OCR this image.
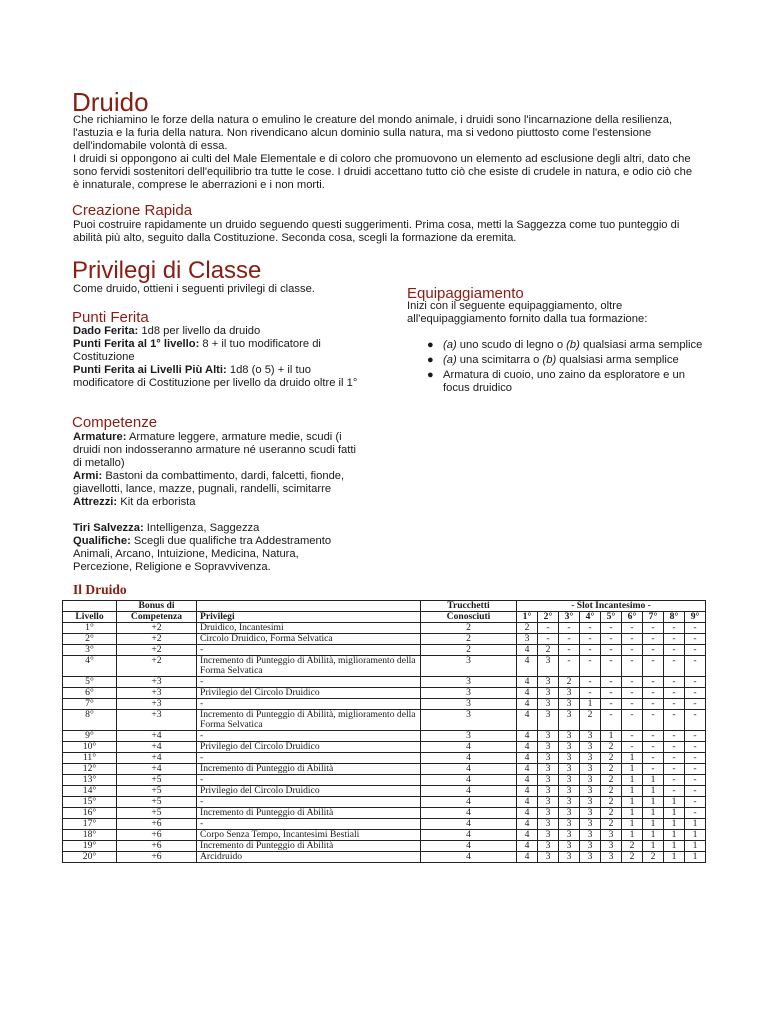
Druido

Che richiamino le forze della natura o emulino le creature del mondo animale, i druidi sono l'incarnazione della resilienza, l'astuzia e la furia della natura. Non rivendicano alcun dominio sulla natura, ma si vedono piuttosto come l'estensione dell'indomabile volontà di essa.

I druidi si oppongono ai culti del Male Elementale e di coloro che promuovono un elemento ad esclusione degli altri, dato che sono fervidi sostenitori dell'equilibrio tra tutte le cose. I druidi accettano tutto ciò che esiste di crudele in natura, e odio ciò che è innaturale, comprese le aberrazioni e i non morti.

Creazione Rapida

Puoi costruire rapidamente un druido seguendo questi suggerimenti. Prima cosa, metti la Saggezza come tuo punteggio di abilità più alto, seguito dalla Costituzione. Seconda cosa, scegli la formazione da eremita.

Privilegi di Classe

Come druido, ottieni i seguenti privilegi di classe.

Punti Ferita
Dado Ferita: 1d8 per livello da druido
Punti Ferita al 1° livello: 8 + il tuo modificatore di Costituzione
Punti Ferita ai Livelli Più Alti: 1d8 (o 5) + il tuo modificatore di Costituzione per livello da druido oltre il 1°
Competenze
Armature: Armature leggere, armature medie, scudi (i druidi non indosseranno armature né useranno scudi fatti di metallo)
Armi: Bastoni da combattimento, dardi, falcetti, fionde, giavellotti, lance, mazze, pugnali, randelli, scimitarre
Attrezzi: Kit da erborista
Tiri Salvezza: Intelligenza, Saggezza
Qualifiche: Scegli due qualifiche tra Addestramento Animali, Arcano, Intuizione, Medicina, Natura, Percezione, Religione e Sopravvivenza.
Equipaggiamento

Inizi con il seguente equipaggiamento, oltre all'equipaggiamento fornito dalla tua formazione:

● (a) uno scudo di legno o (b) qualsiasi arma semplice
● (a) una scimitarra o (b) qualsiasi arma semplice
● Armatura di cuoio, uno zaino da esploratore e un focus druidico
Il Druido
	Bonus di		Trucchetti	- Slot Incantesimo -								
Livello	Competenza	Privilegi	Conosciuti	1°	2°	3°	4°	5°	6°	7°	8°	9°
1°	+2	Druidico, Incantesimi	2	2	-	-	-	-	-	-	-	-
2°	+2	Circolo Druidico, Forma Selvatica	2	3	-	-	-	-	-	-	-	-
3°	+2	-	2	4	2	-	-	-	-	-	-	-
4°	+2	Incremento di Punteggio di Abilità, miglioramento della Forma Selvatica	3	4	3	-	-	-	-	-	-	-
5°	+3	-	3	4	3	2	-	-	-	-	-	-
6°	+3	Privilegio del Circolo Druidico	3	4	3	3	-	-	-	-	-	-
7°	+3	-	3	4	3	3	1	-	-	-	-	-
8°	+3	Incremento di Punteggio di Abilità, miglioramento della Forma Selvatica	3	4	3	3	2	-	-	-	-	-
9°	+4	-	3	4	3	3	3	1	-	-	-	-
10°	+4	Privilegio del Circolo Druidico	4	4	3	3	3	2	-	-	-	-
11°	+4	-	4	4	3	3	3	2	1	-	-	-
12°	+4	Incremento di Punteggio di Abilità	4	4	3	3	3	2	1	-	-	-
13°	+5	-	4	4	3	3	3	2	1	1	-	-
14°	+5	Privilegio del Circolo Druidico	4	4	3	3	3	2	1	1	-	-
15°	+5	-	4	4	3	3	3	2	1	1	1	-
16°	+5	Incremento di Punteggio di Abilità	4	4	3	3	3	2	1	1	1	-
17°	+6	-	4	4	3	3	3	2	1	1	1	1
18°	+6	Corpo Senza Tempo, Incantesimi Bestiali	4	4	3	3	3	3	1	1	1	1
19°	+6	Incremento di Punteggio di Abilità	4	4	3	3	3	3	2	1	1	1
20°	+6	Arcidruido	4	4	3	3	3	3	2	2	1	1
